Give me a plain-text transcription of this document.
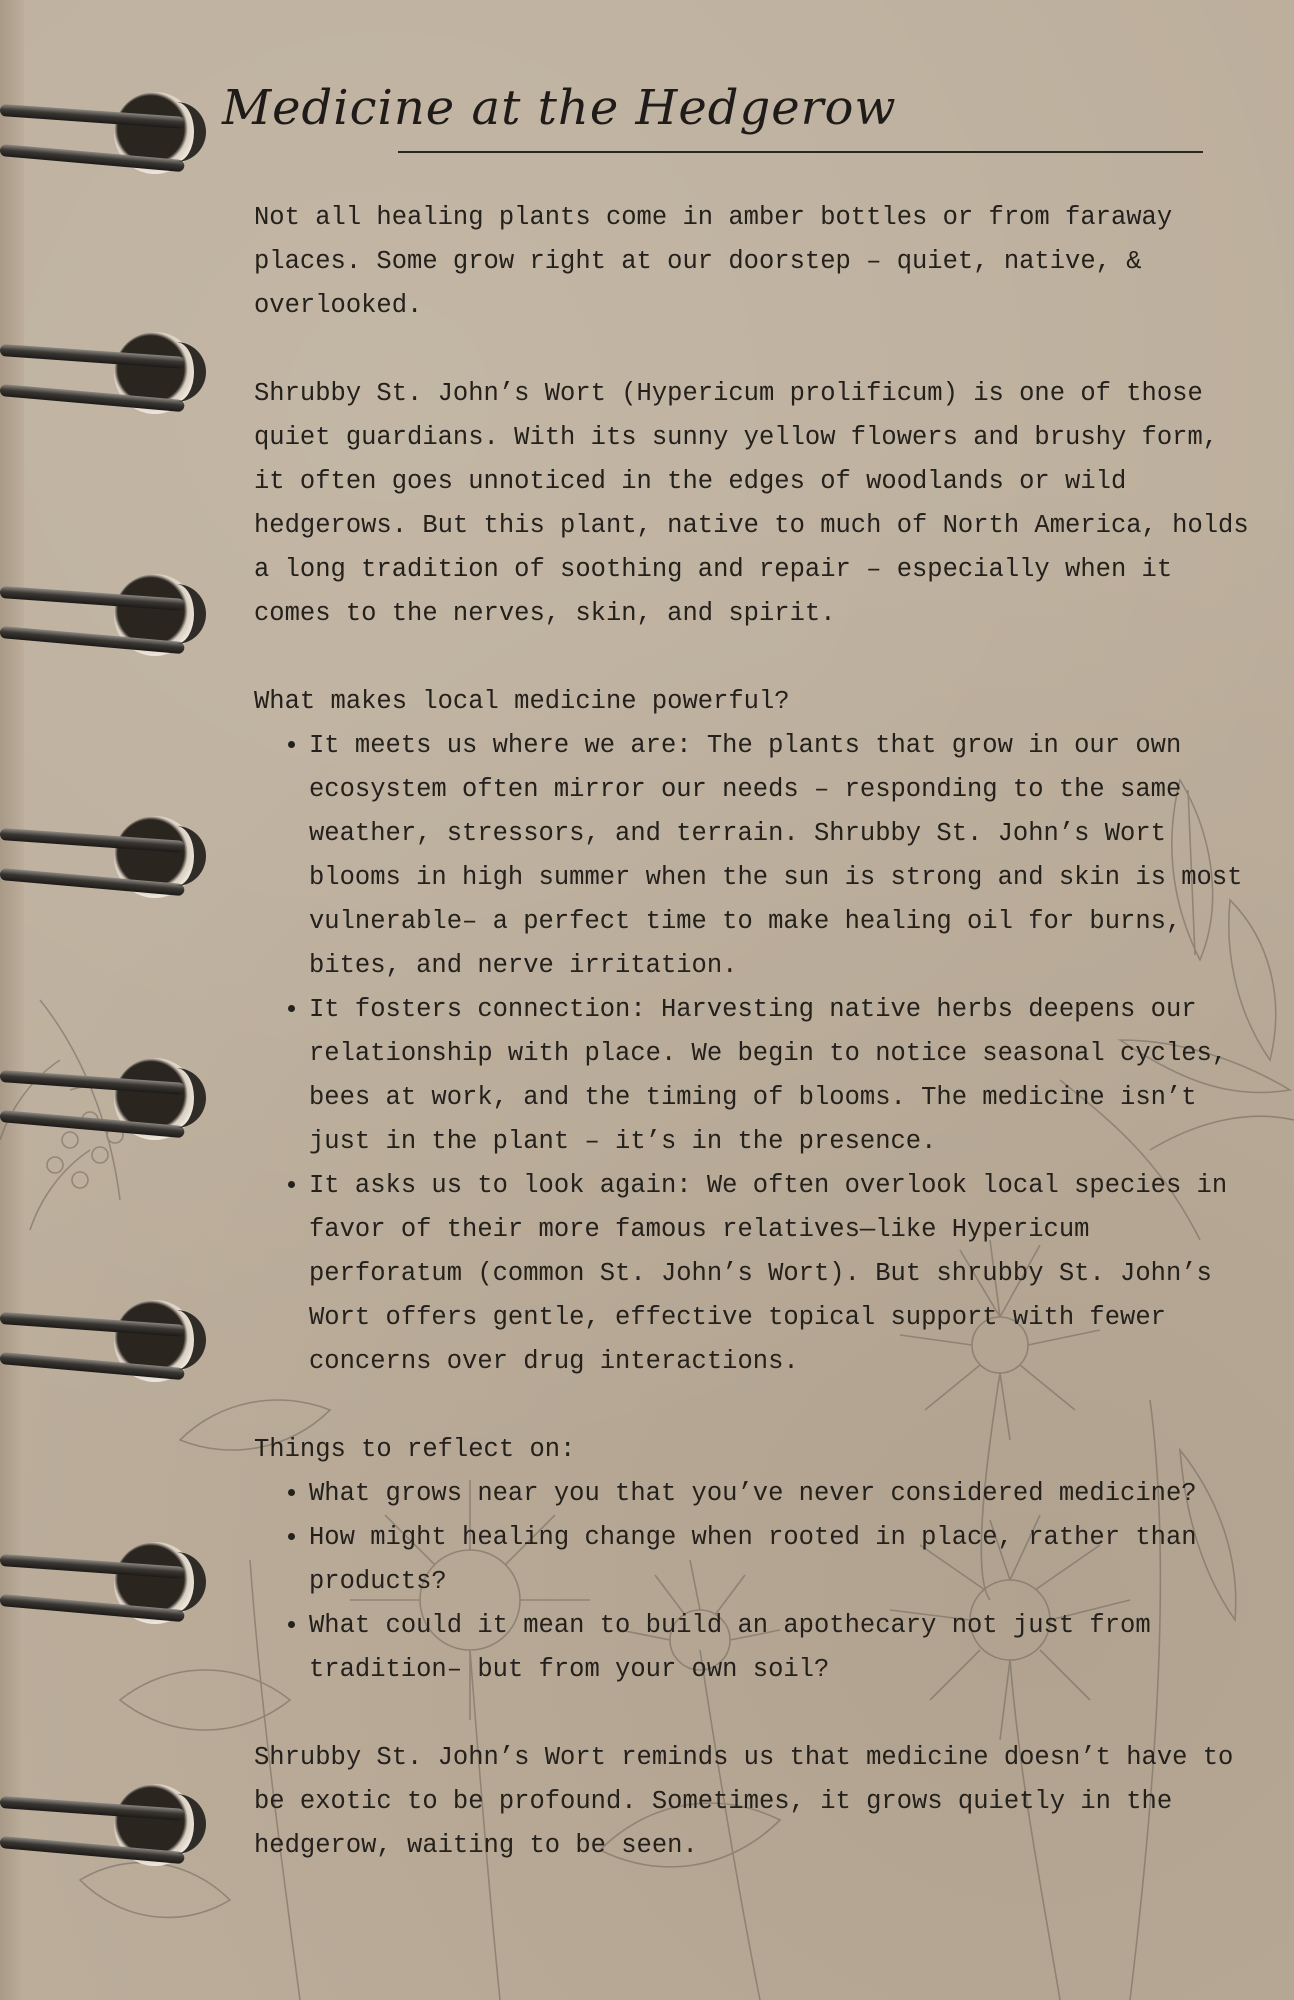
Medicine at the Hedgerow

Not all healing plants come in amber bottles or from faraway places. Some grow right at our doorstep – quiet, native, & overlooked.

Shrubby St. John’s Wort (Hypericum prolificum) is one of those quiet guardians. With its sunny yellow flowers and brushy form, it often goes unnoticed in the edges of woodlands or wild hedgerows. But this plant, native to much of North America, holds a long tradition of soothing and repair – especially when it comes to the nerves, skin, and spirit.

What makes local medicine powerful?

• It meets us where we are: The plants that grow in our own ecosystem often mirror our needs – responding to the same weather, stressors, and terrain. Shrubby St. John’s Wort blooms in high summer when the sun is strong and skin is most vulnerable– a perfect time to make healing oil for burns, bites, and nerve irritation.
• It fosters connection: Harvesting native herbs deepens our relationship with place. We begin to notice seasonal cycles, bees at work, and the timing of blooms. The medicine isn’t just in the plant – it’s in the presence.
• It asks us to look again: We often overlook local species in favor of their more famous relatives—like Hypericum perforatum (common St. John’s Wort). But shrubby St. John’s Wort offers gentle, effective topical support with fewer concerns over drug interactions.

Things to reflect on:

• What grows near you that you’ve never considered medicine?
• How might healing change when rooted in place, rather than products?
• What could it mean to build an apothecary not just from tradition– but from your own soil?

Shrubby St. John’s Wort reminds us that medicine doesn’t have to be exotic to be profound. Sometimes, it grows quietly in the hedgerow, waiting to be seen.
